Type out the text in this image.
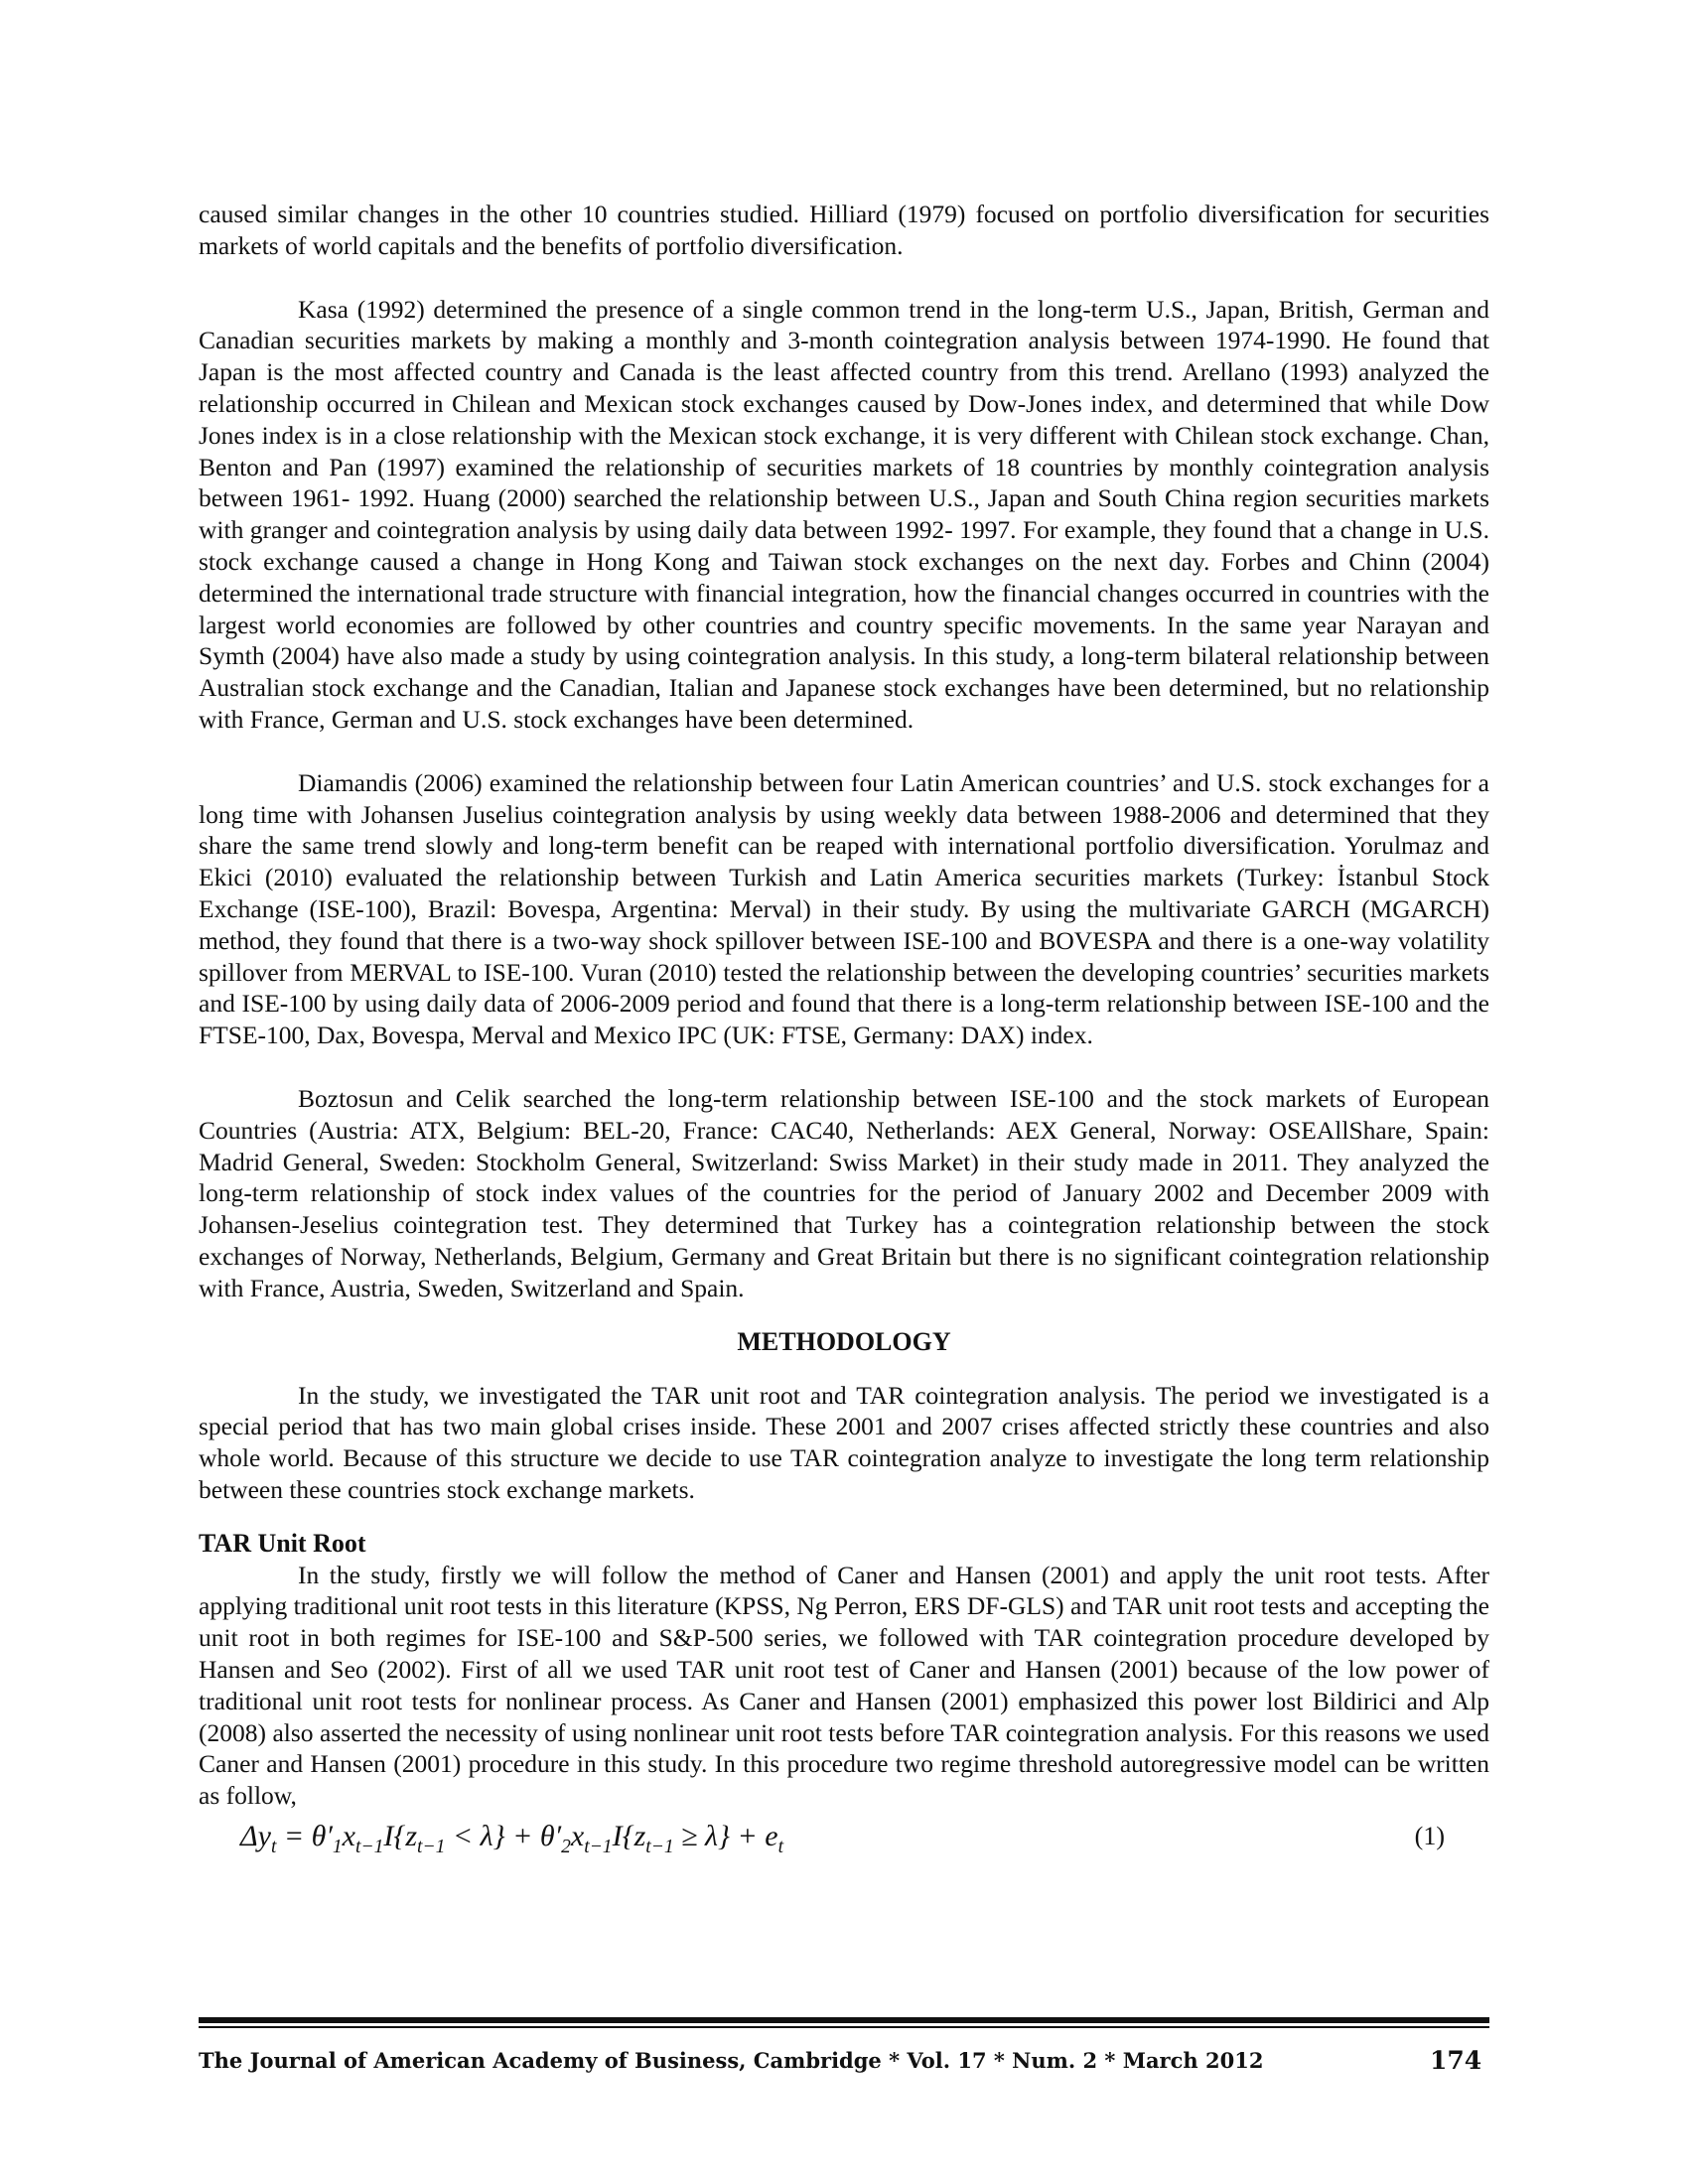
caused similar changes in the other 10 countries studied. Hilliard (1979) focused on portfolio diversification for securities markets of world capitals and the benefits of portfolio diversification.

Kasa (1992) determined the presence of a single common trend in the long-term U.S., Japan, British, German and Canadian securities markets by making a monthly and 3-month cointegration analysis between 1974-1990. He found that Japan is the most affected country and Canada is the least affected country from this trend. Arellano (1993) analyzed the relationship occurred in Chilean and Mexican stock exchanges caused by Dow-Jones index, and determined that while Dow Jones index is in a close relationship with the Mexican stock exchange, it is very different with Chilean stock exchange. Chan, Benton and Pan (1997) examined the relationship of securities markets of 18 countries by monthly cointegration analysis between 1961- 1992. Huang (2000) searched the relationship between U.S., Japan and South China region securities markets with granger and cointegration analysis by using daily data between 1992- 1997. For example, they found that a change in U.S. stock exchange caused a change in Hong Kong and Taiwan stock exchanges on the next day. Forbes and Chinn (2004) determined the international trade structure with financial integration, how the financial changes occurred in countries with the largest world economies are followed by other countries and country specific movements. In the same year Narayan and Symth (2004) have also made a study by using cointegration analysis. In this study, a long-term bilateral relationship between Australian stock exchange and the Canadian, Italian and Japanese stock exchanges have been determined, but no relationship with France, German and U.S. stock exchanges have been determined.

Diamandis (2006) examined the relationship between four Latin American countries’ and U.S. stock exchanges for a long time with Johansen Juselius cointegration analysis by using weekly data between 1988-2006 and determined that they share the same trend slowly and long-term benefit can be reaped with international portfolio diversification. Yorulmaz and Ekici (2010) evaluated the relationship between Turkish and Latin America securities markets (Turkey: İstanbul Stock Exchange (ISE-100), Brazil: Bovespa, Argentina: Merval) in their study. By using the multivariate GARCH (MGARCH) method, they found that there is a two-way shock spillover between ISE-100 and BOVESPA and there is a one-way volatility spillover from MERVAL to ISE-100. Vuran (2010) tested the relationship between the developing countries’ securities markets and ISE-100 by using daily data of 2006-2009 period and found that there is a long-term relationship between ISE-100 and the FTSE-100, Dax, Bovespa, Merval and Mexico IPC (UK: FTSE, Germany: DAX) index.

Boztosun and Celik searched the long-term relationship between ISE-100 and the stock markets of European Countries (Austria: ATX, Belgium: BEL-20, France: CAC40, Netherlands: AEX General, Norway: OSEAllShare, Spain: Madrid General, Sweden: Stockholm General, Switzerland: Swiss Market) in their study made in 2011. They analyzed the long-term relationship of stock index values of the countries for the period of January 2002 and December 2009 with Johansen-Jeselius cointegration test. They determined that Turkey has a cointegration relationship between the stock exchanges of Norway, Netherlands, Belgium, Germany and Great Britain but there is no significant cointegration relationship with France, Austria, Sweden, Switzerland and Spain.

METHODOLOGY

In the study, we investigated the TAR unit root and TAR cointegration analysis. The period we investigated is a special period that has two main global crises inside. These 2001 and 2007 crises affected strictly these countries and also whole world. Because of this structure we decide to use TAR cointegration analyze to investigate the long term relationship between these countries stock exchange markets.

TAR Unit Root

In the study, firstly we will follow the method of Caner and Hansen (2001) and apply the unit root tests. After applying traditional unit root tests in this literature (KPSS, Ng Perron, ERS DF-GLS) and TAR unit root tests and accepting the unit root in both regimes for ISE-100 and S&P-500 series, we followed with TAR cointegration procedure developed by Hansen and Seo (2002). First of all we used TAR unit root test of Caner and Hansen (2001) because of the low power of traditional unit root tests for nonlinear process. As Caner and Hansen (2001) emphasized this power lost Bildirici and Alp (2008) also asserted the necessity of using nonlinear unit root tests before TAR cointegration analysis. For this reasons we used Caner and Hansen (2001) procedure in this study. In this procedure two regime threshold autoregressive model can be written as follow,

$\Delta y_t = \theta'_1x_{t-1}I\{z_{t-1} < \lambda\} + \theta'_2x_{t-1}I\{z_{t-1} \ge \lambda\} + e_t$	(1)
The Journal of American Academy of Business, Cambridge * Vol. 17 * Num. 2 * March 2012	174
